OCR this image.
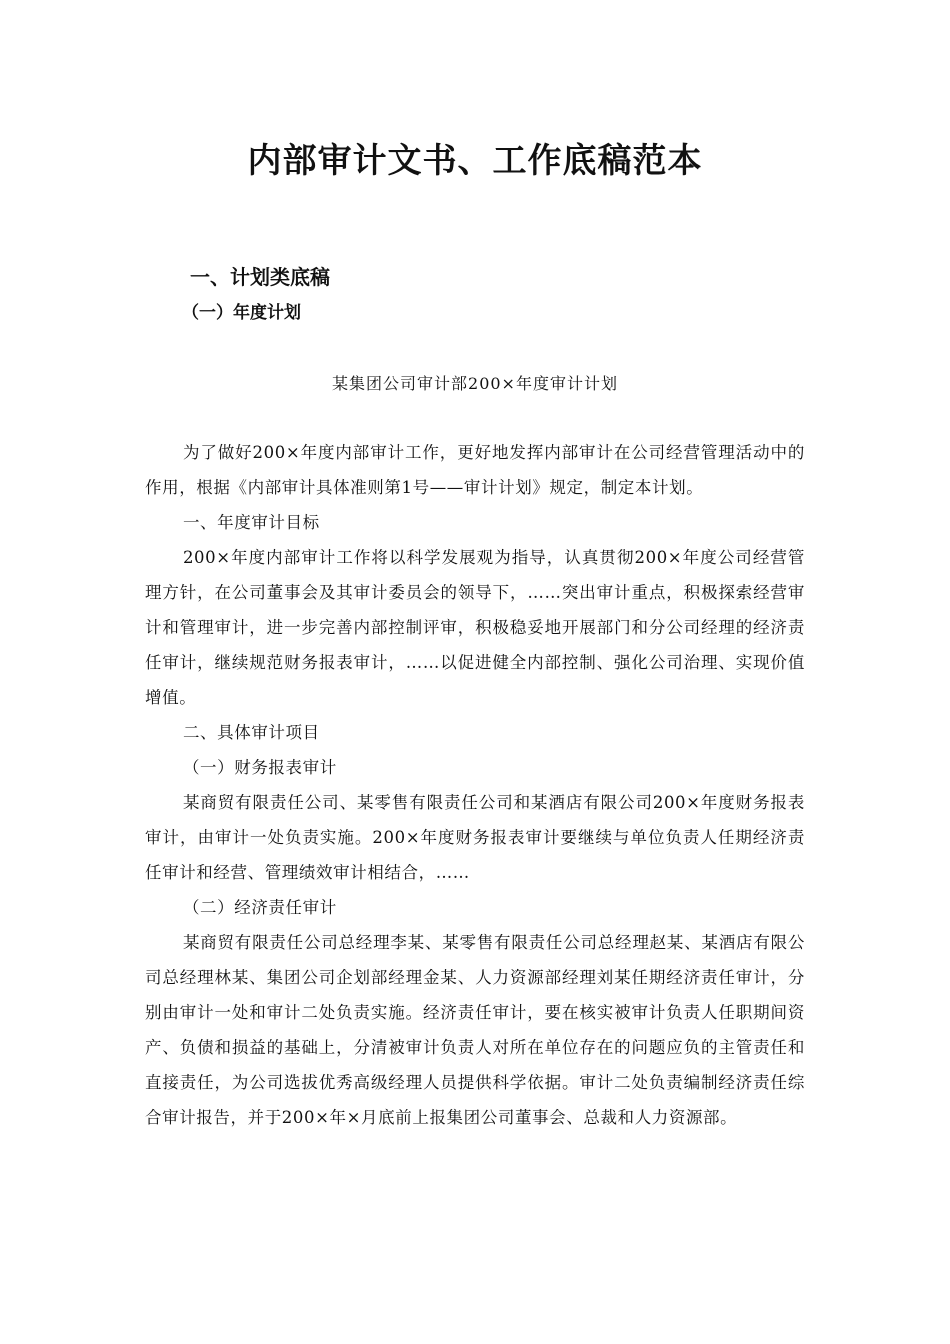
内部审计文书、工作底稿范本
一、计划类底稿
（一）年度计划
某集团公司审计部200×年度审计计划

为了做好200×年度内部审计工作，更好地发挥内部审计在公司经营管理活动中的作用，根据《内部审计具体准则第1号——审计计划》规定，制定本计划。

一、年度审计目标

200×年度内部审计工作将以科学发展观为指导，认真贯彻200×年度公司经营管理方针，在公司董事会及其审计委员会的领导下，……突出审计重点，积极探索经营审计和管理审计，进一步完善内部控制评审，积极稳妥地开展部门和分公司经理的经济责任审计，继续规范财务报表审计，……以促进健全内部控制、强化公司治理、实现价值增值。

二、具体审计项目

（一）财务报表审计

某商贸有限责任公司、某零售有限责任公司和某酒店有限公司200×年度财务报表审计，由审计一处负责实施。200×年度财务报表审计要继续与单位负责人任期经济责任审计和经营、管理绩效审计相结合，……

（二）经济责任审计

某商贸有限责任公司总经理李某、某零售有限责任公司总经理赵某、某酒店有限公司总经理林某、集团公司企划部经理金某、人力资源部经理刘某任期经济责任审计，分别由审计一处和审计二处负责实施。经济责任审计，要在核实被审计负责人任职期间资产、负债和损益的基础上，分清被审计负责人对所在单位存在的问题应负的主管责任和直接责任，为公司选拔优秀高级经理人员提供科学依据。审计二处负责编制经济责任综合审计报告，并于200×年×月底前上报集团公司董事会、总裁和人力资源部。
